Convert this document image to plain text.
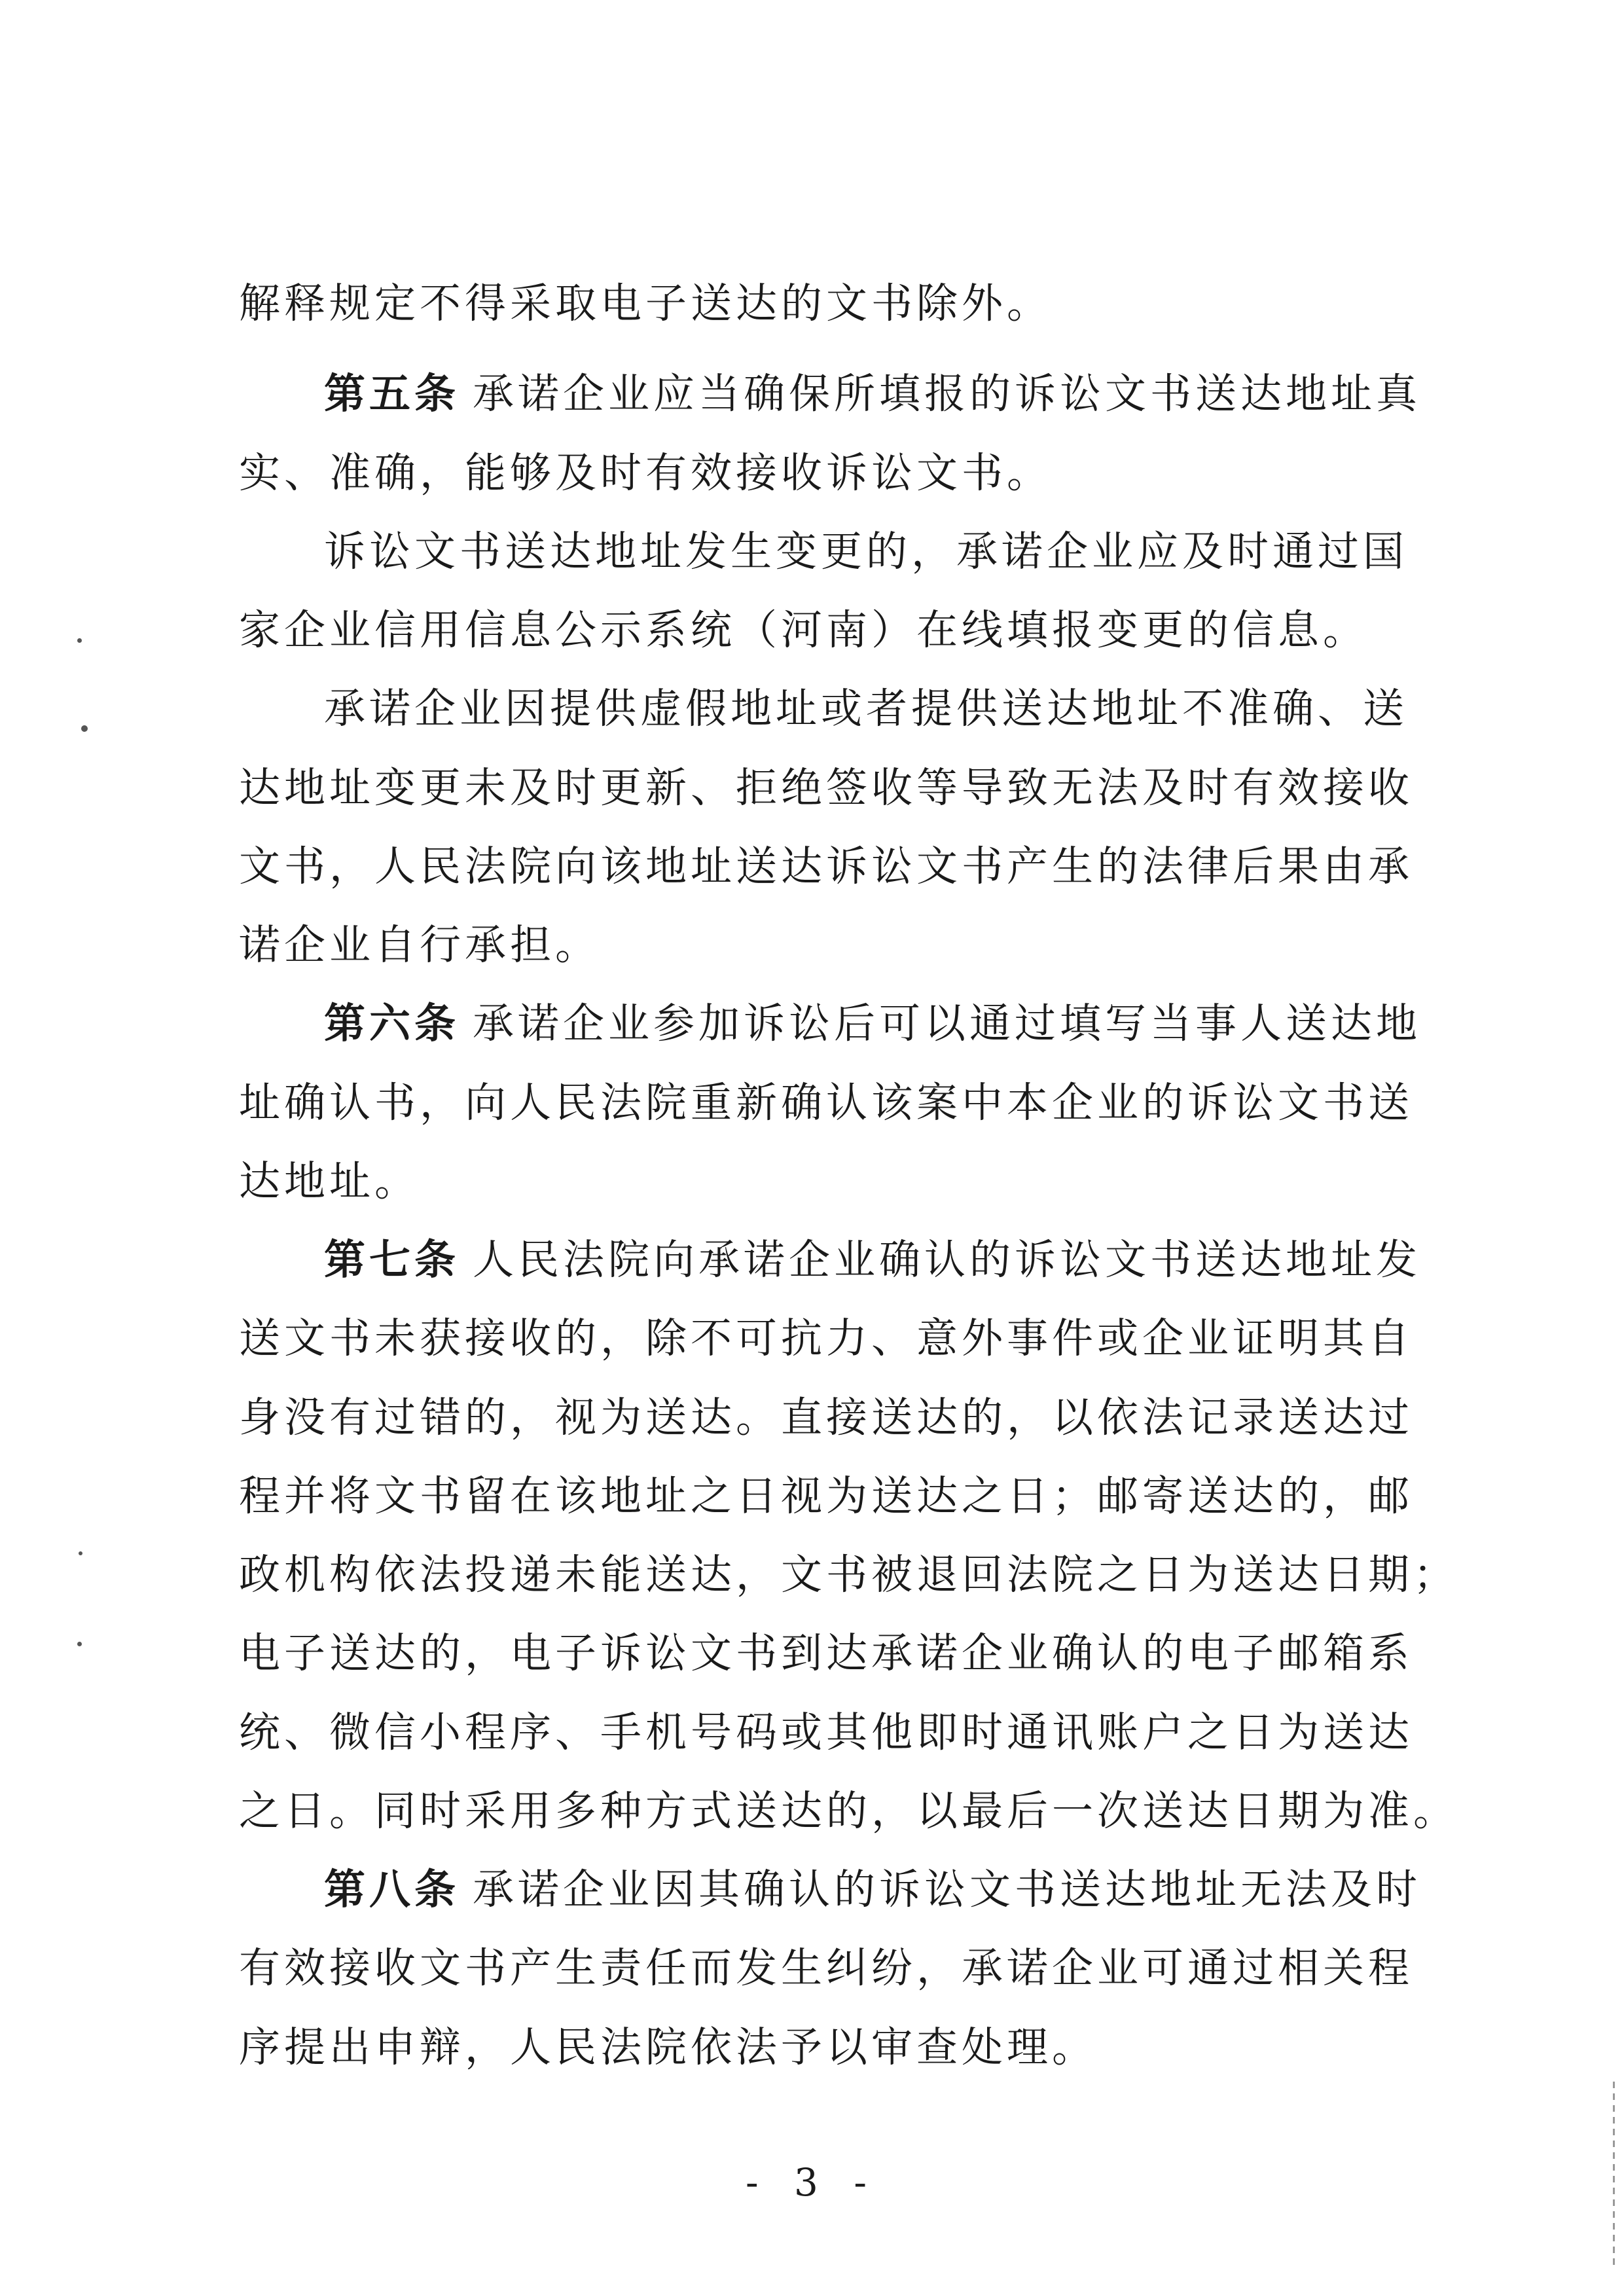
解释规定不得采取电子送达的文书除外。

第五条 承诺企业应当确保所填报的诉讼文书送达地址真

实、准确，能够及时有效接收诉讼文书。

诉讼文书送达地址发生变更的，承诺企业应及时通过国

家企业信用信息公示系统（河南）在线填报变更的信息。

承诺企业因提供虚假地址或者提供送达地址不准确、送

达地址变更未及时更新、拒绝签收等导致无法及时有效接收

文书，人民法院向该地址送达诉讼文书产生的法律后果由承

诺企业自行承担。

第六条 承诺企业参加诉讼后可以通过填写当事人送达地

址确认书，向人民法院重新确认该案中本企业的诉讼文书送

达地址。

第七条 人民法院向承诺企业确认的诉讼文书送达地址发

送文书未获接收的，除不可抗力、意外事件或企业证明其自

身没有过错的，视为送达。直接送达的，以依法记录送达过

程并将文书留在该地址之日视为送达之日；邮寄送达的，邮

政机构依法投递未能送达，文书被退回法院之日为送达日期；

电子送达的，电子诉讼文书到达承诺企业确认的电子邮箱系

统、微信小程序、手机号码或其他即时通讯账户之日为送达

之日。同时采用多种方式送达的，以最后一次送达日期为准。

第八条 承诺企业因其确认的诉讼文书送达地址无法及时

有效接收文书产生责任而发生纠纷，承诺企业可通过相关程

序提出申辩，人民法院依法予以审查处理。

- 3 -
